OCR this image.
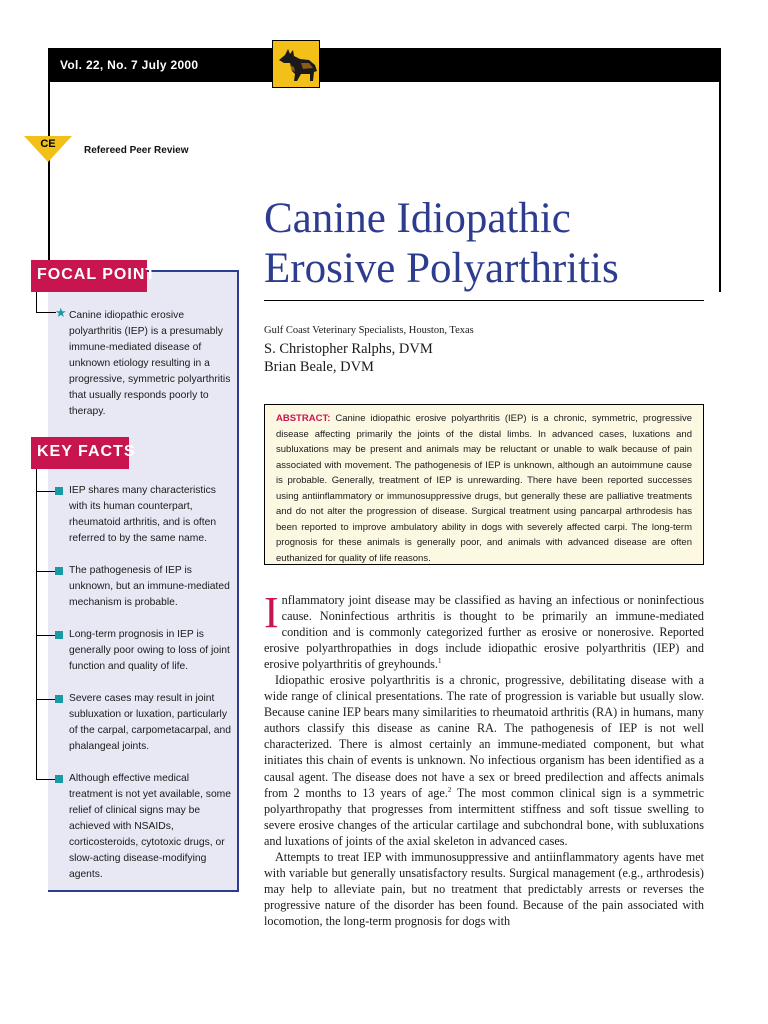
Vol. 22, No. 7 July 2000
CE
Refereed Peer Review
FOCAL POINT
KEY FACTS
★ Canine idiopathic erosive polyarthritis (IEP) is a presumably immune-mediated disease of unknown etiology resulting in a progressive, symmetric polyarthritis that usually responds poorly to therapy.
IEP shares many characteristics with its human counterpart, rheumatoid arthritis, and is often referred to by the same name.
The pathogenesis of IEP is unknown, but an immune-mediated mechanism is probable.
Long-term prognosis in IEP is generally poor owing to loss of joint function and quality of life.
Severe cases may result in joint subluxation or luxation, particularly of the carpal, carpometacarpal, and phalangeal joints.
Although effective medical treatment is not yet available, some relief of clinical signs may be achieved with NSAIDs, corticosteroids, cytotoxic drugs, or slow-acting disease-modifying agents.
Canine Idiopathic
Erosive Polyarthritis
Gulf Coast Veterinary Specialists, Houston, Texas
S. Christopher Ralphs, DVM
Brian Beale, DVM
ABSTRACT: Canine idiopathic erosive polyarthritis (IEP) is a chronic, symmetric, progressive disease affecting primarily the joints of the distal limbs. In advanced cases, luxations and subluxations may be present and animals may be reluctant or unable to walk because of pain associated with movement. The pathogenesis of IEP is unknown, although an autoimmune cause is probable. Generally, treatment of IEP is unrewarding. There have been reported successes using antiinflammatory or immunosuppressive drugs, but generally these are palliative treatments and do not alter the progression of disease. Surgical treatment using pancarpal arthrodesis has been reported to improve ambulatory ability in dogs with severely affected carpi. The long-term prognosis for these animals is generally poor, and animals with advanced disease are often euthanized for quality of life reasons.

Inflammatory joint disease may be classified as having an infectious or noninfectious cause. Noninfectious arthritis is thought to be primarily an immune-mediated condition and is commonly categorized further as erosive or nonerosive. Reported erosive polyarthropathies in dogs include idiopathic erosive polyarthritis (IEP) and erosive polyarthritis of greyhounds.$^1$

Idiopathic erosive polyarthritis is a chronic, progressive, debilitating disease with a wide range of clinical presentations. The rate of progression is variable but usually slow. Because canine IEP bears many similarities to rheumatoid arthritis (RA) in humans, many authors classify this disease as canine RA. The pathogenesis of IEP is not well characterized. There is almost certainly an immune-mediated component, but what initiates this chain of events is unknown. No infectious organism has been identified as a causal agent. The disease does not have a sex or breed predilection and affects animals from 2 months to 13 years of age.$^2$ The most common clinical sign is a symmetric polyarthropathy that progresses from intermittent stiffness and soft tissue swelling to severe erosive changes of the articular cartilage and subchondral bone, with subluxations and luxations of joints of the axial skeleton in advanced cases.

Attempts to treat IEP with immunosuppressive and antiinflammatory agents have met with variable but generally unsatisfactory results. Surgical management (e.g., arthrodesis) may help to alleviate pain, but no treatment that predictably arrests or reverses the progressive nature of the disorder has been found. Because of the pain associated with locomotion, the long-term prognosis for dogs with
